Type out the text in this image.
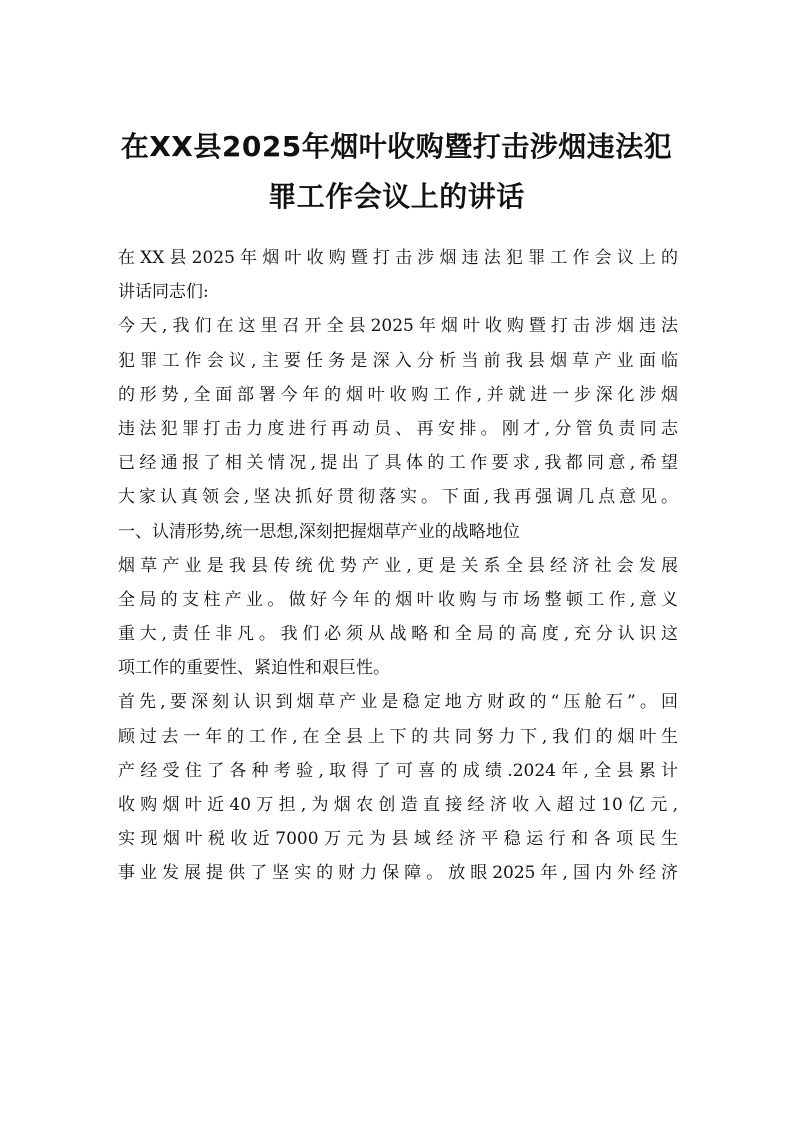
在XX县2025年烟叶收购暨打击涉烟违法犯
罪工作会议上的讲话
在XX县2025年烟叶收购暨打击涉烟违法犯罪工作会议上的
讲话同志们:
今天,我们在这里召开全县2025年烟叶收购暨打击涉烟违法
犯罪工作会议,主要任务是深入分析当前我县烟草产业面临
的形势,全面部署今年的烟叶收购工作,并就进一步深化涉烟
违法犯罪打击力度进行再动员、再安排。刚才,分管负责同志
已经通报了相关情况,提出了具体的工作要求,我都同意,希望
大家认真领会,坚决抓好贯彻落实。下面,我再强调几点意见。
一、认清形势,统一思想,深刻把握烟草产业的战略地位
烟草产业是我县传统优势产业,更是关系全县经济社会发展
全局的支柱产业。做好今年的烟叶收购与市场整顿工作,意义
重大,责任非凡。我们必须从战略和全局的高度,充分认识这
项工作的重要性、紧迫性和艰巨性。
首先,要深刻认识到烟草产业是稳定地方财政的“压舱石”。回
顾过去一年的工作,在全县上下的共同努力下,我们的烟叶生
产经受住了各种考验,取得了可喜的成绩.2024年,全县累计
收购烟叶近40万担,为烟农创造直接经济收入超过10亿元,
实现烟叶税收近7000万元为县域经济平稳运行和各项民生
事业发展提供了坚实的财力保障。放眼2025年,国内外经济
